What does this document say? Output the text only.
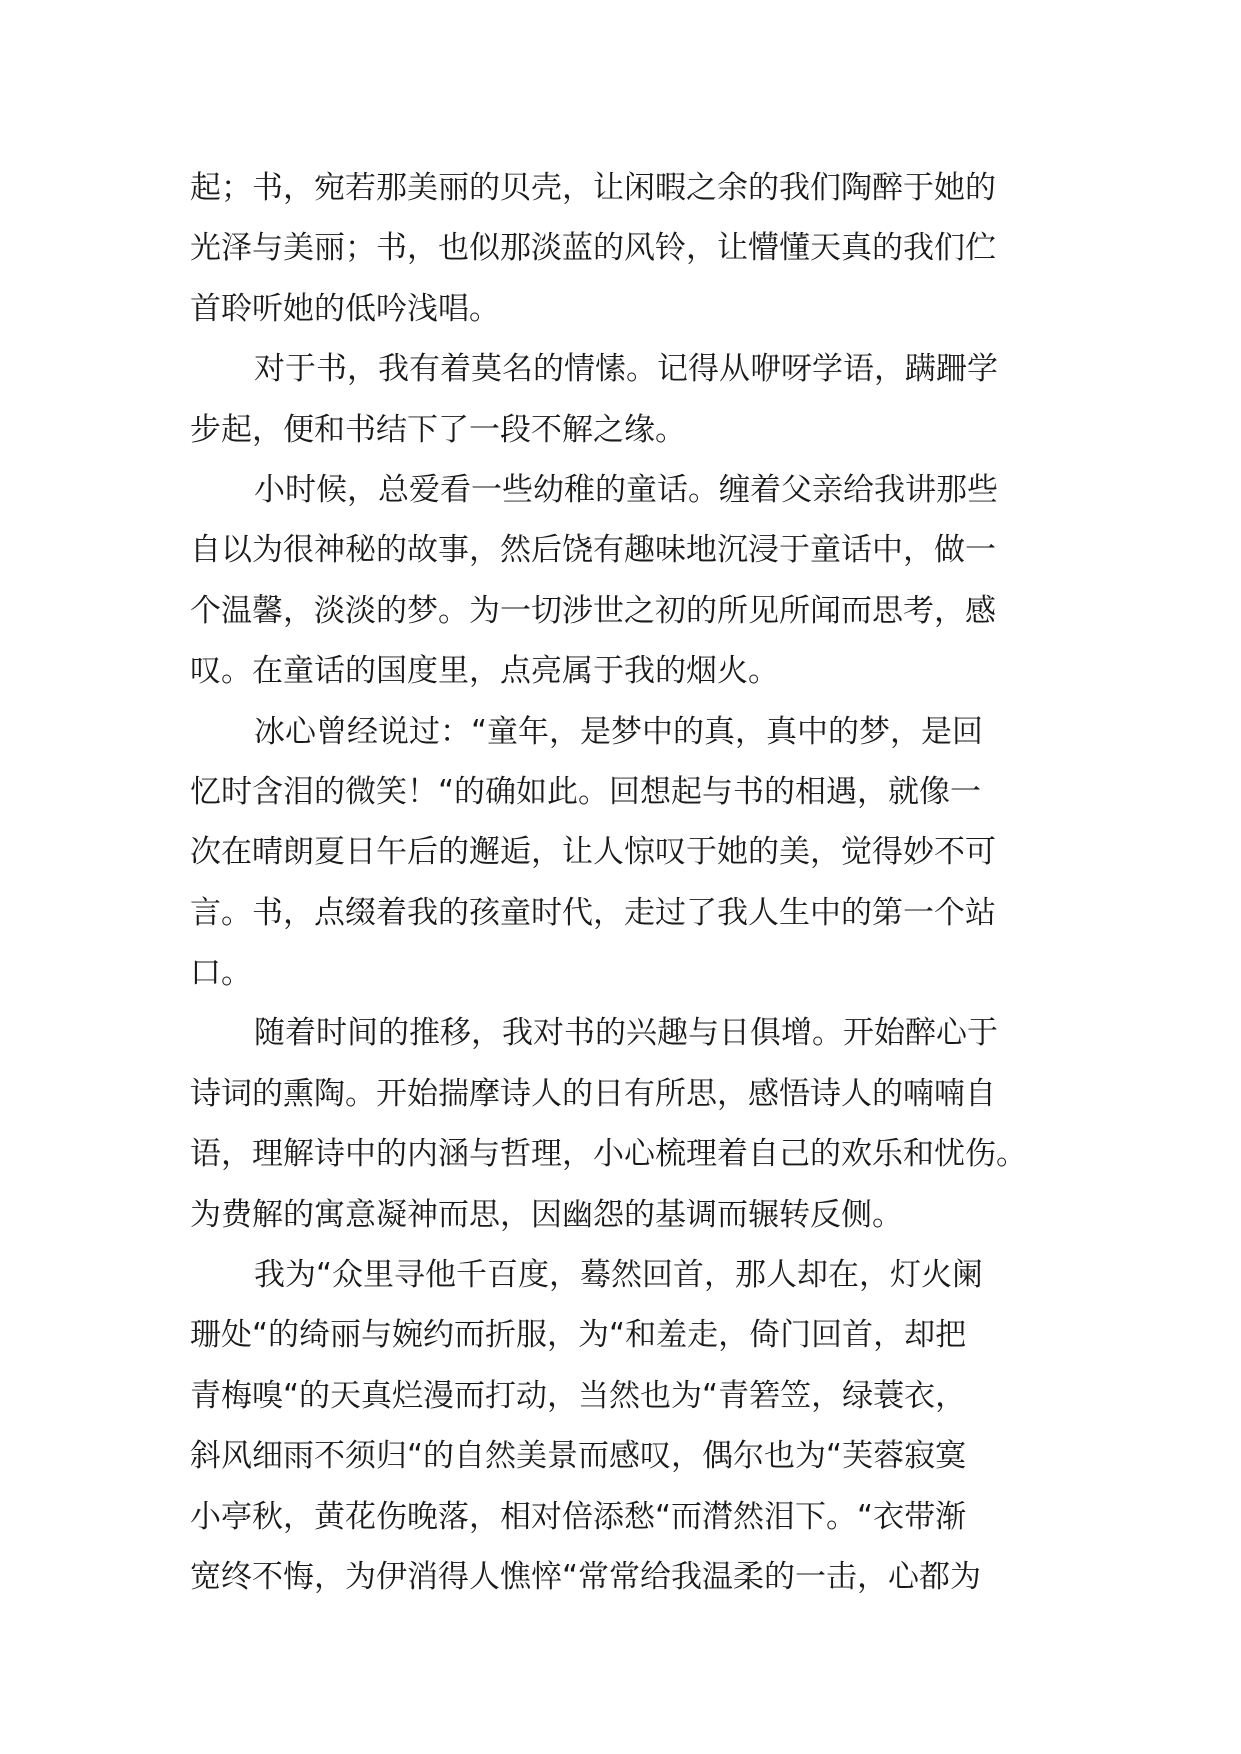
起；书，宛若那美丽的贝壳，让闲暇之余的我们陶醉于她的
光泽与美丽；书，也似那淡蓝的风铃，让懵懂天真的我们伫
首聆听她的低吟浅唱。
对于书，我有着莫名的情愫。记得从咿呀学语，蹒跚学
步起，便和书结下了一段不解之缘。
小时候，总爱看一些幼稚的童话。缠着父亲给我讲那些
自以为很神秘的故事，然后饶有趣味地沉浸于童话中，做一
个温馨，淡淡的梦。为一切涉世之初的所见所闻而思考，感
叹。在童话的国度里，点亮属于我的烟火。
冰心曾经说过：“童年，是梦中的真，真中的梦，是回
忆时含泪的微笑！“的确如此。回想起与书的相遇，就像一
次在晴朗夏日午后的邂逅，让人惊叹于她的美，觉得妙不可
言。书，点缀着我的孩童时代，走过了我人生中的第一个站
口。
随着时间的推移，我对书的兴趣与日俱增。开始醉心于
诗词的熏陶。开始揣摩诗人的日有所思，感悟诗人的喃喃自
语，理解诗中的内涵与哲理，小心梳理着自己的欢乐和忧伤。
为费解的寓意凝神而思，因幽怨的基调而辗转反侧。
我为“众里寻他千百度，蓦然回首，那人却在，灯火阑
珊处“的绮丽与婉约而折服，为“和羞走，倚门回首，却把
青梅嗅“的天真烂漫而打动，当然也为“青箬笠，绿蓑衣，
斜风细雨不须归“的自然美景而感叹，偶尔也为“芙蓉寂寞
小亭秋，黄花伤晚落，相对倍添愁“而潸然泪下。“衣带渐
宽终不悔，为伊消得人憔悴“常常给我温柔的一击，心都为
